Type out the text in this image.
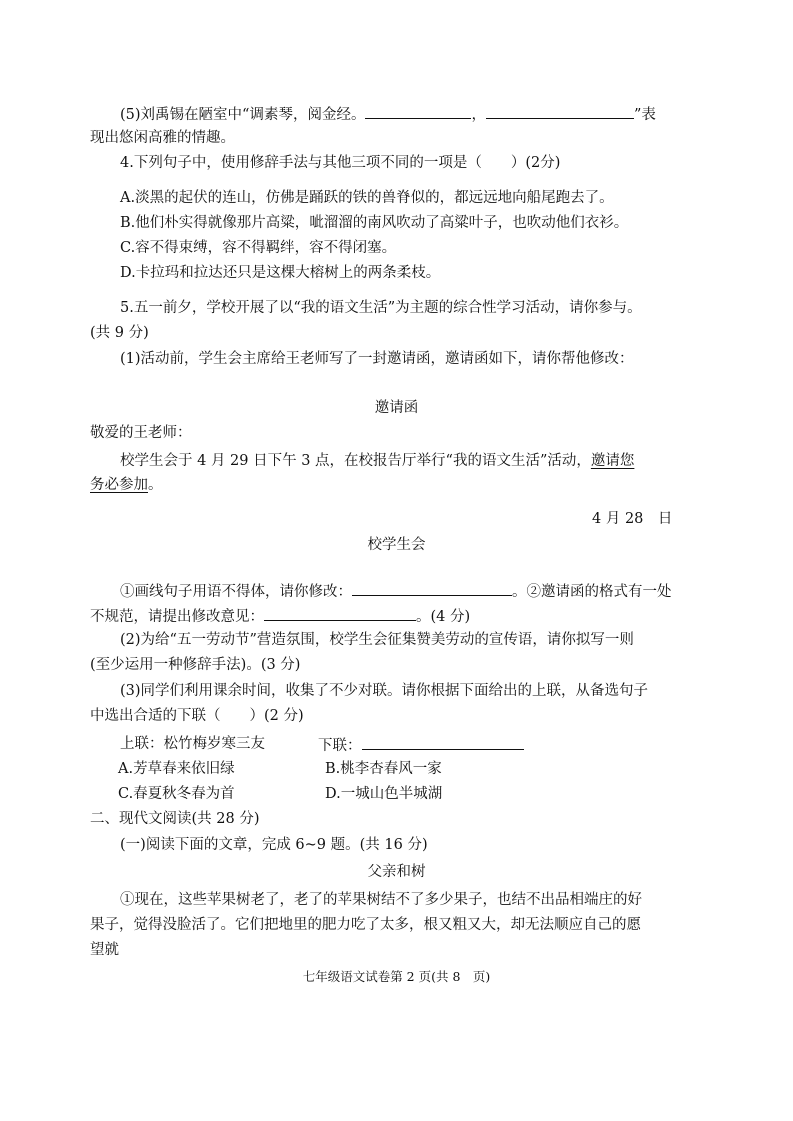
(5)刘禹锡在陋室中“调素琴，阅金经。	，	”表
现出悠闲高雅的情趣。
4.下列句子中，使用修辞手法与其他三项不同的一项是（　　）(2分)
A.淡黑的起伏的连山，仿佛是踊跃的铁的兽脊似的，都远远地向船尾跑去了。
B.他们朴实得就像那片高粱，呲溜溜的南风吹动了高粱叶子，也吹动他们衣衫。
C.容不得束缚，容不得羁绊，容不得闭塞。
D.卡拉玛和拉达还只是这棵大榕树上的两条柔枝。
5.五一前夕，学校开展了以“我的语文生活”为主题的综合性学习活动，请你参与。
(共 9 分)
(1)活动前，学生会主席给王老师写了一封邀请函，邀请函如下，请你帮他修改：
邀请函
敬爱的王老师：
校学生会于 4 月 29 日下午 3 点，在校报告厅举行“我的语文生活”活动，邀请您
务必参加。
4 月 28　日
校学生会
①画线句子用语不得体，请你修改：	。②邀请函的格式有一处
不规范，请提出修改意见：	。(4 分)
(2)为给“五一劳动节”营造氛围，校学生会征集赞美劳动的宣传语，请你拟写一则
(至少运用一种修辞手法)。(3 分)
(3)同学们利用课余时间，收集了不少对联。请你根据下面给出的上联，从备选句子
中选出合适的下联（　　）(2 分)
上联：松竹梅岁寒三友	下联：
A.芳草春来依旧绿	B.桃李杏春风一家
C.春夏秋冬春为首	D.一城山色半城湖
二、现代文阅读(共 28 分)
(一)阅读下面的文章，完成 6~9 题。(共 16 分)
父亲和树
①现在，这些苹果树老了，老了的苹果树结不了多少果子，也结不出品相端庄的好
果子，觉得没脸活了。它们把地里的肥力吃了太多，根又粗又大，却无法顺应自己的愿
望就
七年级语文试卷第 2 页(共 8　页)
